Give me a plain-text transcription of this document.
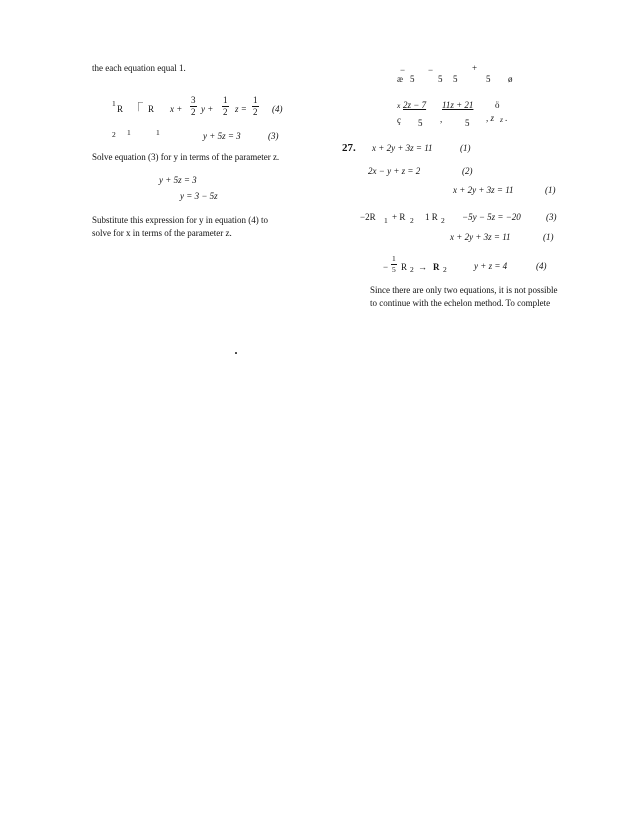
the each equation equal 1.
1
R ⎾ R
2 1	1
$x + \frac{3}{2}$ $y + \frac{1}{2}$ $z = \frac{1}{2} (4)$
y + 5z = 3	(3)
Solve equation (3) for y in terms of the parameter z.
y + 5z = 3
y = 3 − 5z
Substitute this expression for y in equation (4) to
solve for x in terms of the parameter z.
−	−	+
æ 5	5 5	5 ø
x 2z − 7 11z + 21 ö
ç 5 ,	5 , z z .
27. x + 2y + 3z = 11	(1)
2x − y + z = 2	(2)
x + 2y + 3z = 11	(1)
−2R 1 + R 2 1 R 2 −5y − 5z = −20	(3)
x + 2y + 3z = 11	(1)
− $\frac{1}{5}$ R 2 → R 2	y + z = 4	(4)
Since there are only two equations, it is not possible
to continue with the echelon method. To complete
